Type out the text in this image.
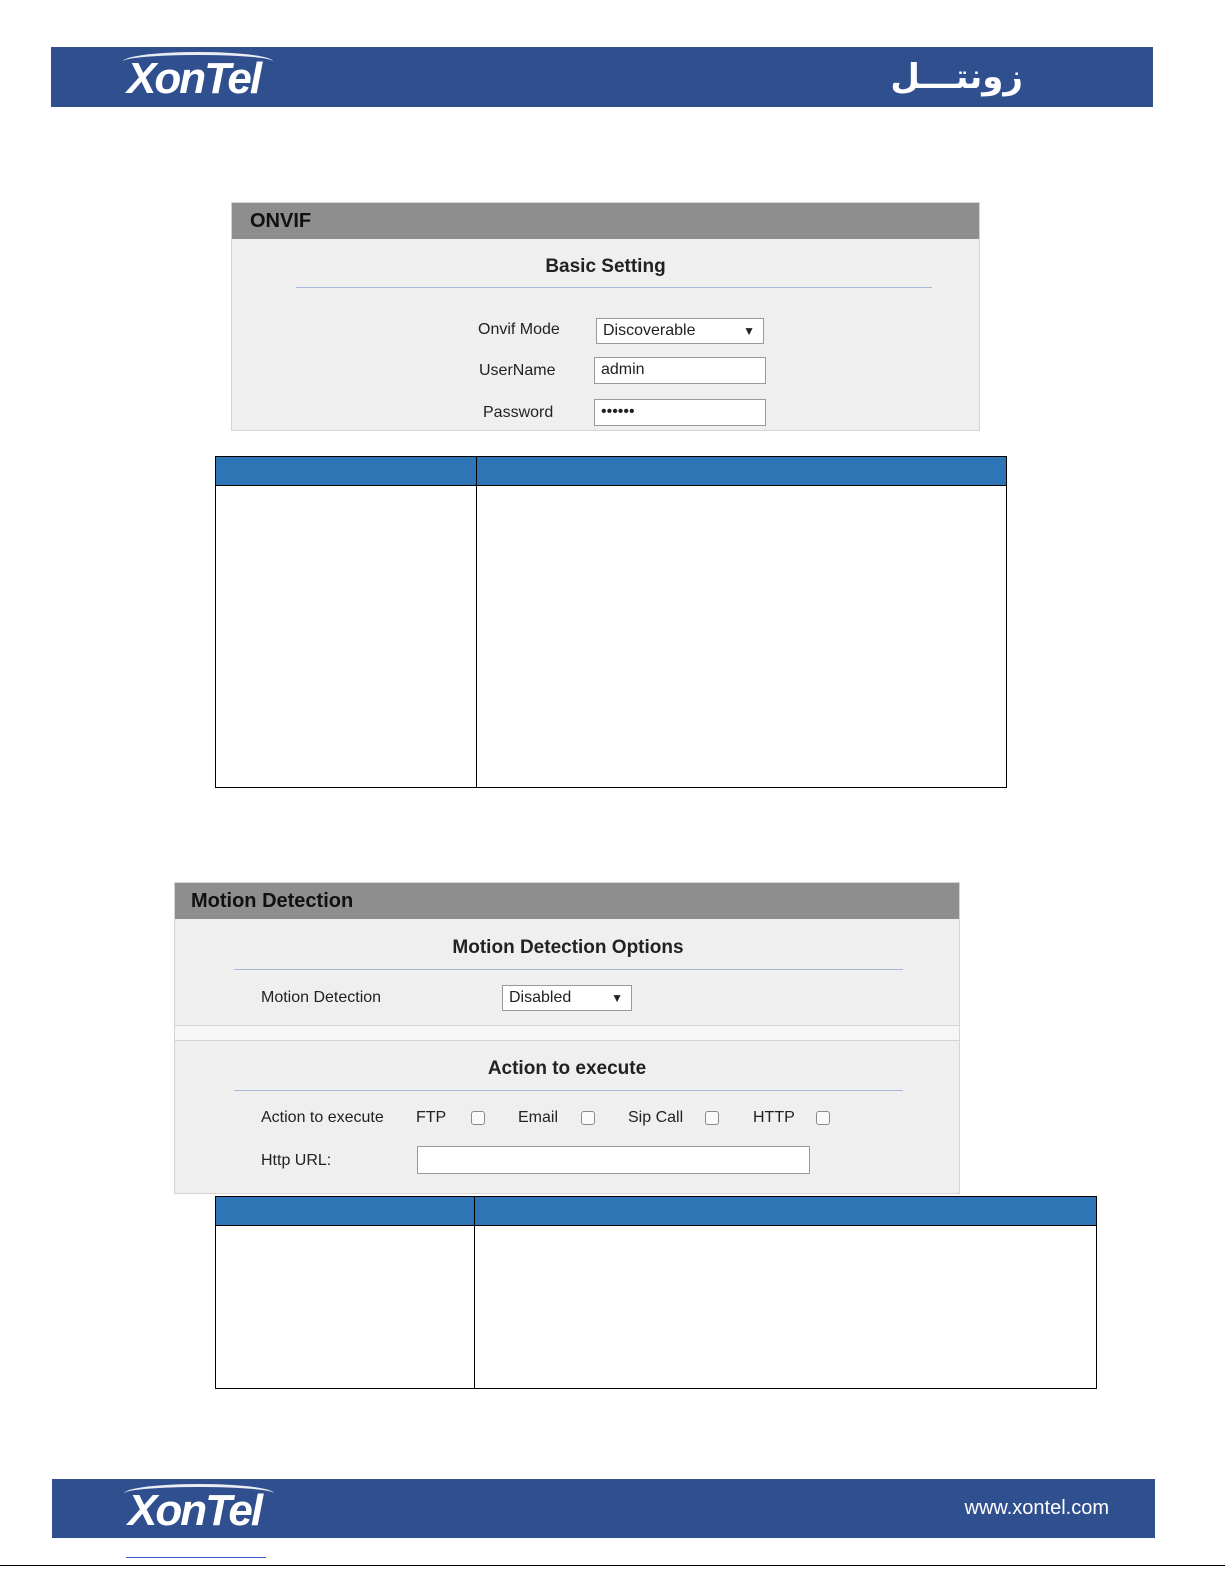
XonTel	زونتـــل
ONVIF
Basic Setting
Onvif Mode	Discoverable	▼
UserName	admin
Password	••••••

Motion Detection
Motion Detection Options
Motion Detection	Disabled	▼
Action to execute
Action to execute FTP	Email	Sip Call	HTTP
Http URL:

XonTel	www.xontel.com
